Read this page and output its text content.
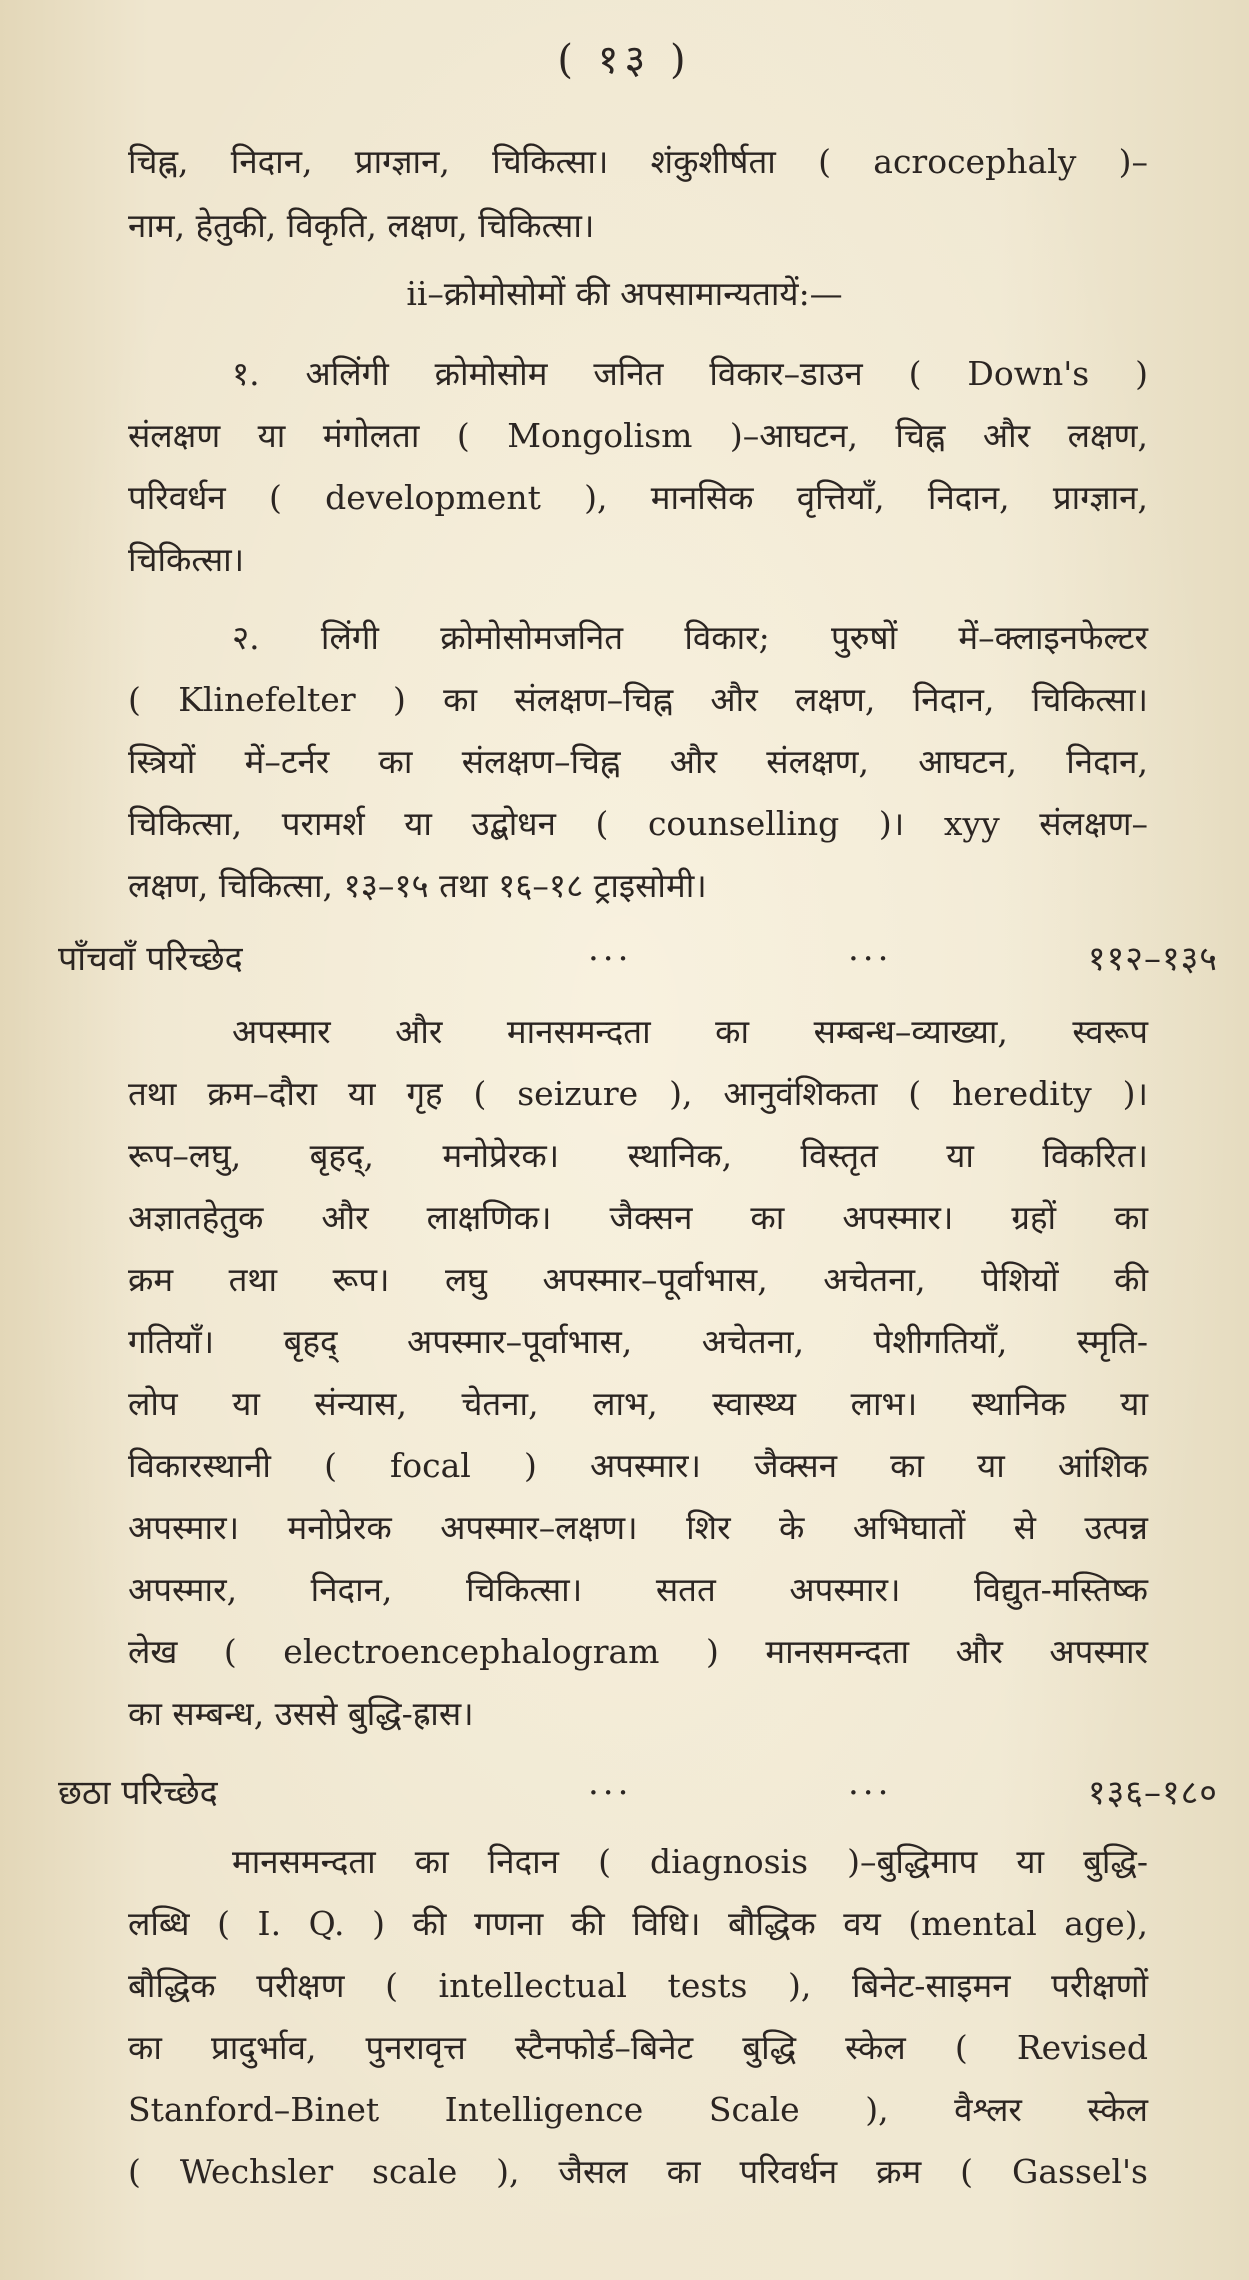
( १३ )
चिह्न, निदान, प्राग्ज्ञान, चिकित्सा। शंकुशीर्षता ( acrocephaly )–
नाम, हेतुकी, विकृति, लक्षण, चिकित्सा।
ii–क्रोमोसोमों की अपसामान्यतायें:—
१. अलिंगी क्रोमोसोम जनित विकार–डाउन ( Down's )
संलक्षण या मंगोलता ( Mongolism )–आघटन, चिह्न और लक्षण,
परिवर्धन ( development ), मानसिक वृत्तियाँ, निदान, प्राग्ज्ञान,
चिकित्सा।
२. लिंगी क्रोमोसोमजनित विकार; पुरुषों में–क्लाइनफेल्टर
( Klinefelter ) का संलक्षण–चिह्न और लक्षण, निदान, चिकित्सा।
स्त्रियों में–टर्नर का संलक्षण–चिह्न और संलक्षण, आघटन, निदान,
चिकित्सा, परामर्श या उद्बोधन ( counselling )। xyy संलक्षण–
लक्षण, चिकित्सा, १३–१५ तथा १६–१८ ट्राइसोमी।
पाँचवाँ परिच्छेद	...	...	११२–१३५
अपस्मार और मानसमन्दता का सम्बन्ध–व्याख्या, स्वरूप
तथा क्रम–दौरा या गृह ( seizure ), आनुवंशिकता ( heredity )।
रूप–लघु, बृहद्, मनोप्रेरक। स्थानिक, विस्तृत या विकरित।
अज्ञातहेतुक और लाक्षणिक। जैक्सन का अपस्मार। ग्रहों का
क्रम तथा रूप। लघु अपस्मार–पूर्वाभास, अचेतना, पेशियों की
गतियाँ। बृहद् अपस्मार–पूर्वाभास, अचेतना, पेशीगतियाँ, स्मृति-
लोप या संन्यास, चेतना, लाभ, स्वास्थ्य लाभ। स्थानिक या
विकारस्थानी ( focal ) अपस्मार। जैक्सन का या आंशिक
अपस्मार। मनोप्रेरक अपस्मार–लक्षण। शिर के अभिघातों से उत्पन्न
अपस्मार, निदान, चिकित्सा। सतत अपस्मार। विद्युत-मस्तिष्क
लेख ( electroencephalogram ) मानसमन्दता और अपस्मार
का सम्बन्ध, उससे बुद्धि-ह्रास।
छठा परिच्छेद	...	...	१३६–१८०
मानसमन्दता का निदान ( diagnosis )–बुद्धिमाप या बुद्धि-
लब्धि ( I. Q. ) की गणना की विधि। बौद्धिक वय (mental age),
बौद्धिक परीक्षण ( intellectual tests ), बिनेट-साइमन परीक्षणों
का प्रादुर्भाव, पुनरावृत्त स्टैनफोर्ड–बिनेट बुद्धि स्केल ( Revised
Stanford–Binet Intelligence Scale ), वैश्लर स्केल
( Wechsler scale ), जैसल का परिवर्धन क्रम ( Gassel's
